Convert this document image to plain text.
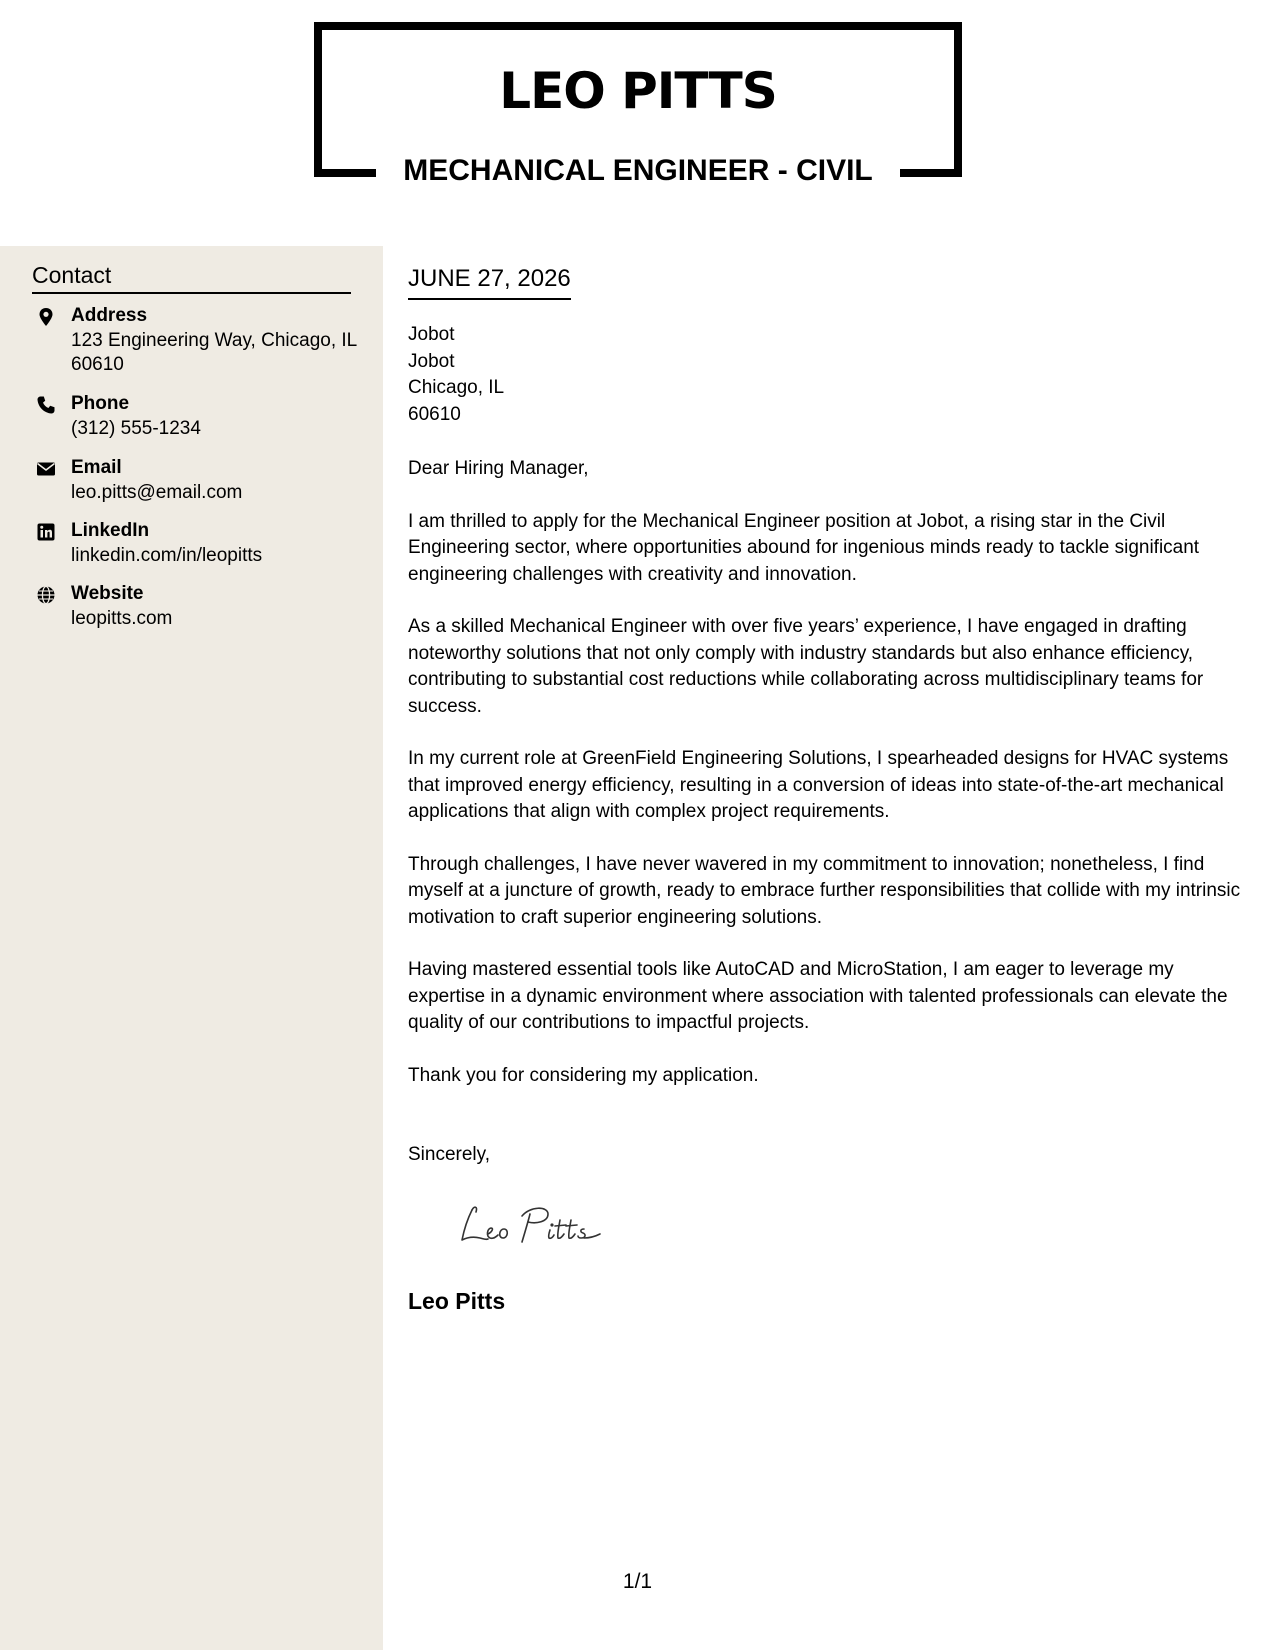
LEO PITTS
MECHANICAL ENGINEER - CIVIL
Contact
Address
123 Engineering Way, Chicago, IL 60610
Phone
(312) 555-1234
Email
leo.pitts@email.com
LinkedIn
linkedin.com/in/leopitts
Website
leopitts.com
JUNE 27, 2026
Jobot
Jobot
Chicago, IL
60610

Dear Hiring Manager,

I am thrilled to apply for the Mechanical Engineer position at Jobot, a rising star in the Civil Engineering sector, where opportunities abound for ingenious minds ready to tackle significant engineering challenges with creativity and innovation.

As a skilled Mechanical Engineer with over five years’ experience, I have engaged in drafting noteworthy solutions that not only comply with industry standards but also enhance efficiency, contributing to substantial cost reductions while collaborating across multidisciplinary teams for success.

In my current role at GreenField Engineering Solutions, I spearheaded designs for HVAC systems that improved energy efficiency, resulting in a conversion of ideas into state-of-the-art mechanical applications that align with complex project requirements.

Through challenges, I have never wavered in my commitment to innovation; nonetheless, I find myself at a juncture of growth, ready to embrace further responsibilities that collide with my intrinsic motivation to craft superior engineering solutions.

Having mastered essential tools like AutoCAD and MicroStation, I am eager to leverage my expertise in a dynamic environment where association with talented professionals can elevate the quality of our contributions to impactful projects.

Thank you for considering my application.

Sincerely,
Leo Pitts
1/1
